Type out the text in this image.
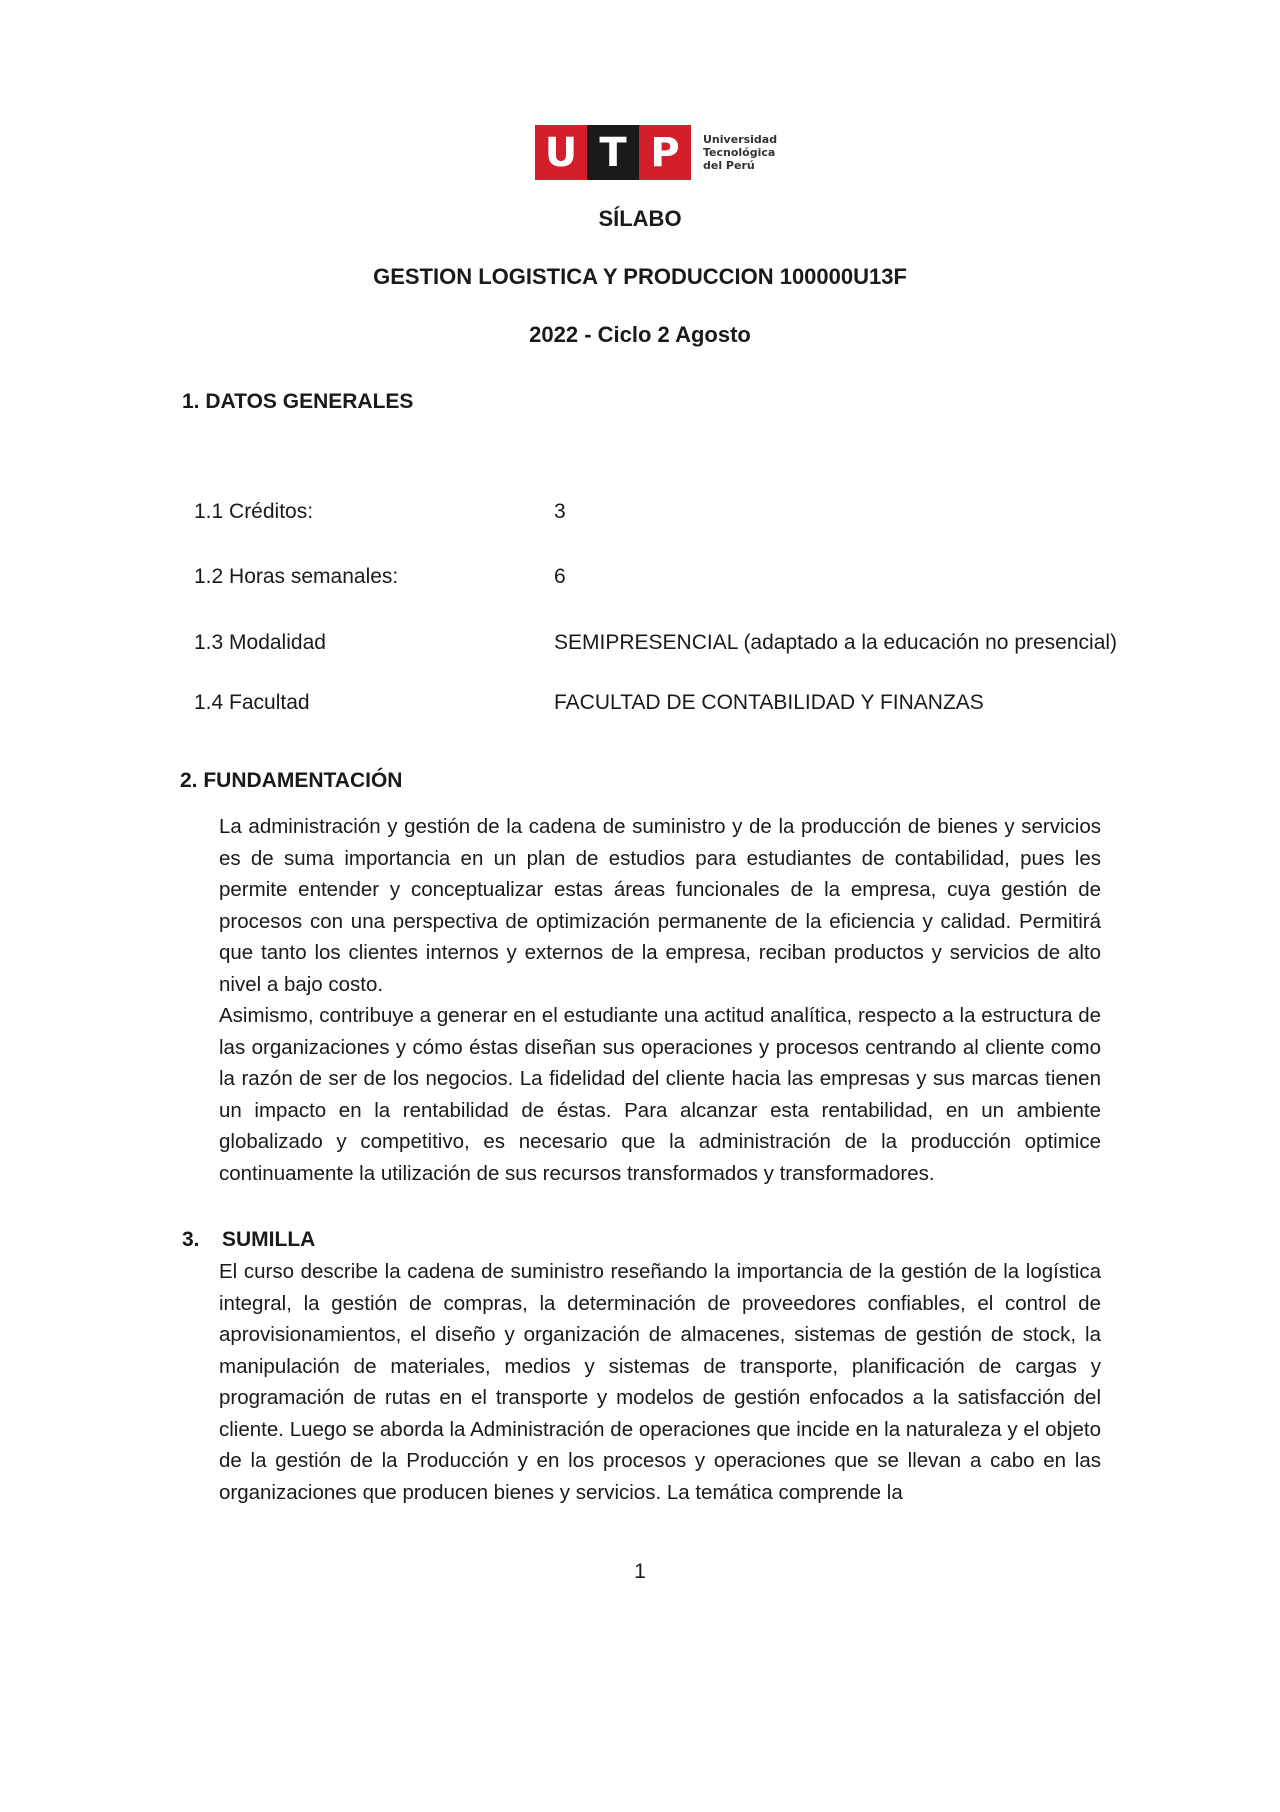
U T P	Universidad
Tecnológica
del Perú
SÍLABO
GESTION LOGISTICA Y PRODUCCION 100000U13F
2022 - Ciclo 2 Agosto
1. DATOS GENERALES
1.1 Créditos:	3
1.2 Horas semanales:	6
1.3 Modalidad	SEMIPRESENCIAL (adaptado a la educación no presencial)
1.4 Facultad	FACULTAD DE CONTABILIDAD Y FINANZAS
2. FUNDAMENTACIÓN

La administración y gestión de la cadena de suministro y de la producción de bienes y servicios es de suma importancia en un plan de estudios para estudiantes de contabilidad, pues les permite entender y conceptualizar estas áreas funcionales de la empresa, cuya gestión de procesos con una perspectiva de optimización permanente de la eficiencia y calidad. Permitirá que tanto los clientes internos y externos de la empresa, reciban productos y servicios de alto nivel a bajo costo.

Asimismo, contribuye a generar en el estudiante una actitud analítica, respecto a la estructura de las organizaciones y cómo éstas diseñan sus operaciones y procesos centrando al cliente como la razón de ser de los negocios. La fidelidad del cliente hacia las empresas y sus marcas tienen un impacto en la rentabilidad de éstas. Para alcanzar esta rentabilidad, en un ambiente globalizado y competitivo, es necesario que la administración de la producción optimice continuamente la utilización de sus recursos transformados y transformadores.

3. SUMILLA

El curso describe la cadena de suministro reseñando la importancia de la gestión de la logística integral, la gestión de compras, la determinación de proveedores confiables, el control de aprovisionamientos, el diseño y organización de almacenes, sistemas de gestión de stock, la manipulación de materiales, medios y sistemas de transporte, planificación de cargas y programación de rutas en el transporte y modelos de gestión enfocados a la satisfacción del cliente. Luego se aborda la Administración de operaciones que incide en la naturaleza y el objeto de la gestión de la Producción y en los procesos y operaciones que se llevan a cabo en las organizaciones que producen bienes y servicios. La temática comprende la

1
